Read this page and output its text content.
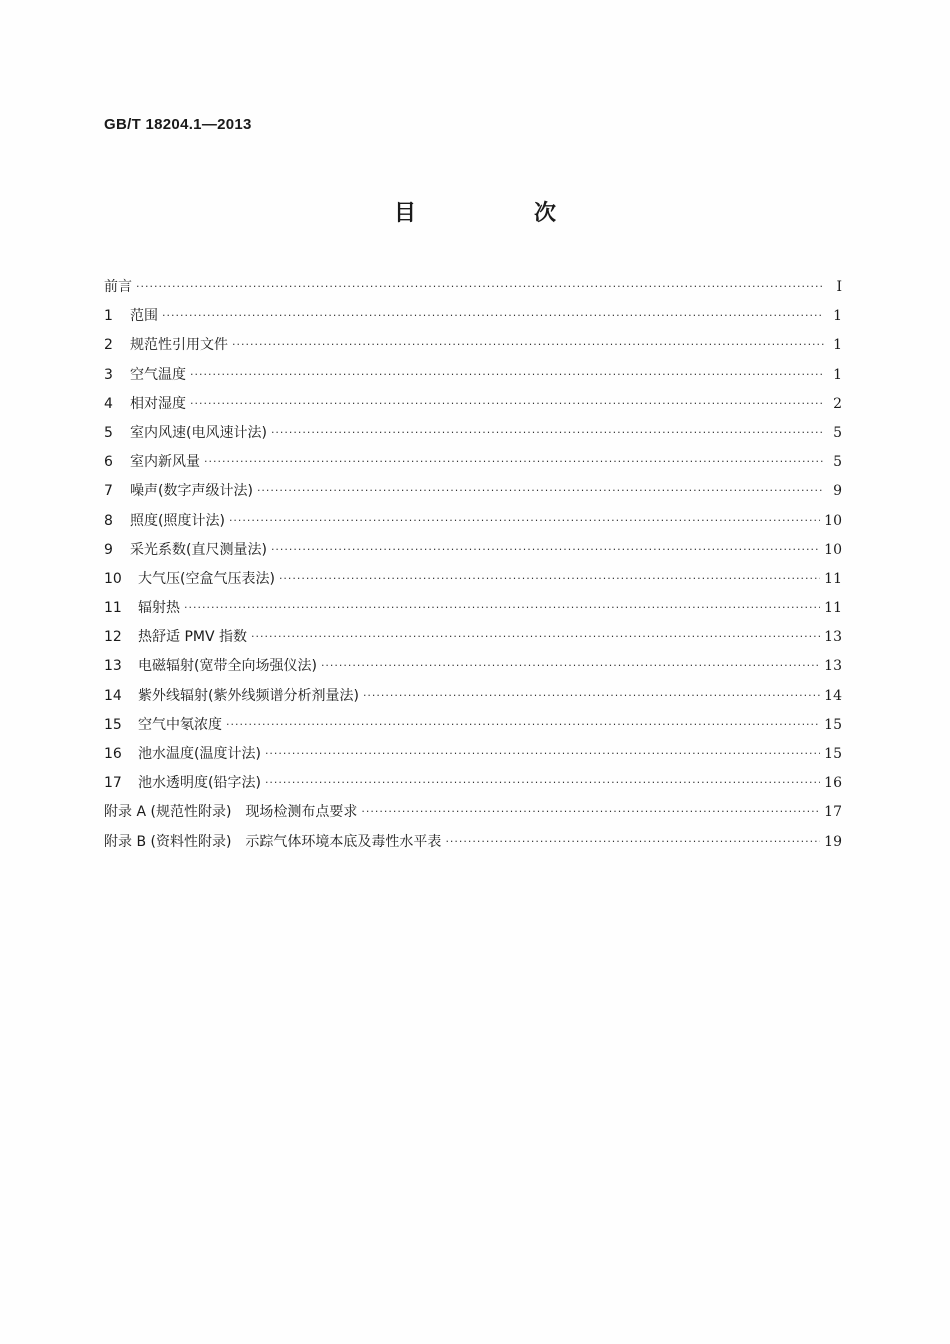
GB/T 18204.1—2013
目　次
前言 ·····	Ⅰ
1 范围 ·····	1
2 规范性引用文件 ·····	1
3 空气温度 ·····	1
4 相对湿度 ·····	2
5 室内风速(电风速计法) ·····	5
6 室内新风量 ·····	5
7 噪声(数字声级计法) ·····	9
8 照度(照度计法) ·····	10
9 采光系数(直尺测量法) ·····	10
10 大气压(空盒气压表法) ·····	11
11 辐射热 ·····	11
12 热舒适 PMV 指数 ·····	13
13 电磁辐射(宽带全向场强仪法) ·····	13
14 紫外线辐射(紫外线频谱分析剂量法) ·····	14
15 空气中氡浓度 ·····	15
16 池水温度(温度计法) ·····	15
17 池水透明度(铅字法) ·····	16
附录 A (规范性附录)　现场检测布点要求 ·····	17
附录 B (资料性附录)　示踪气体环境本底及毒性水平表 ·····	19
